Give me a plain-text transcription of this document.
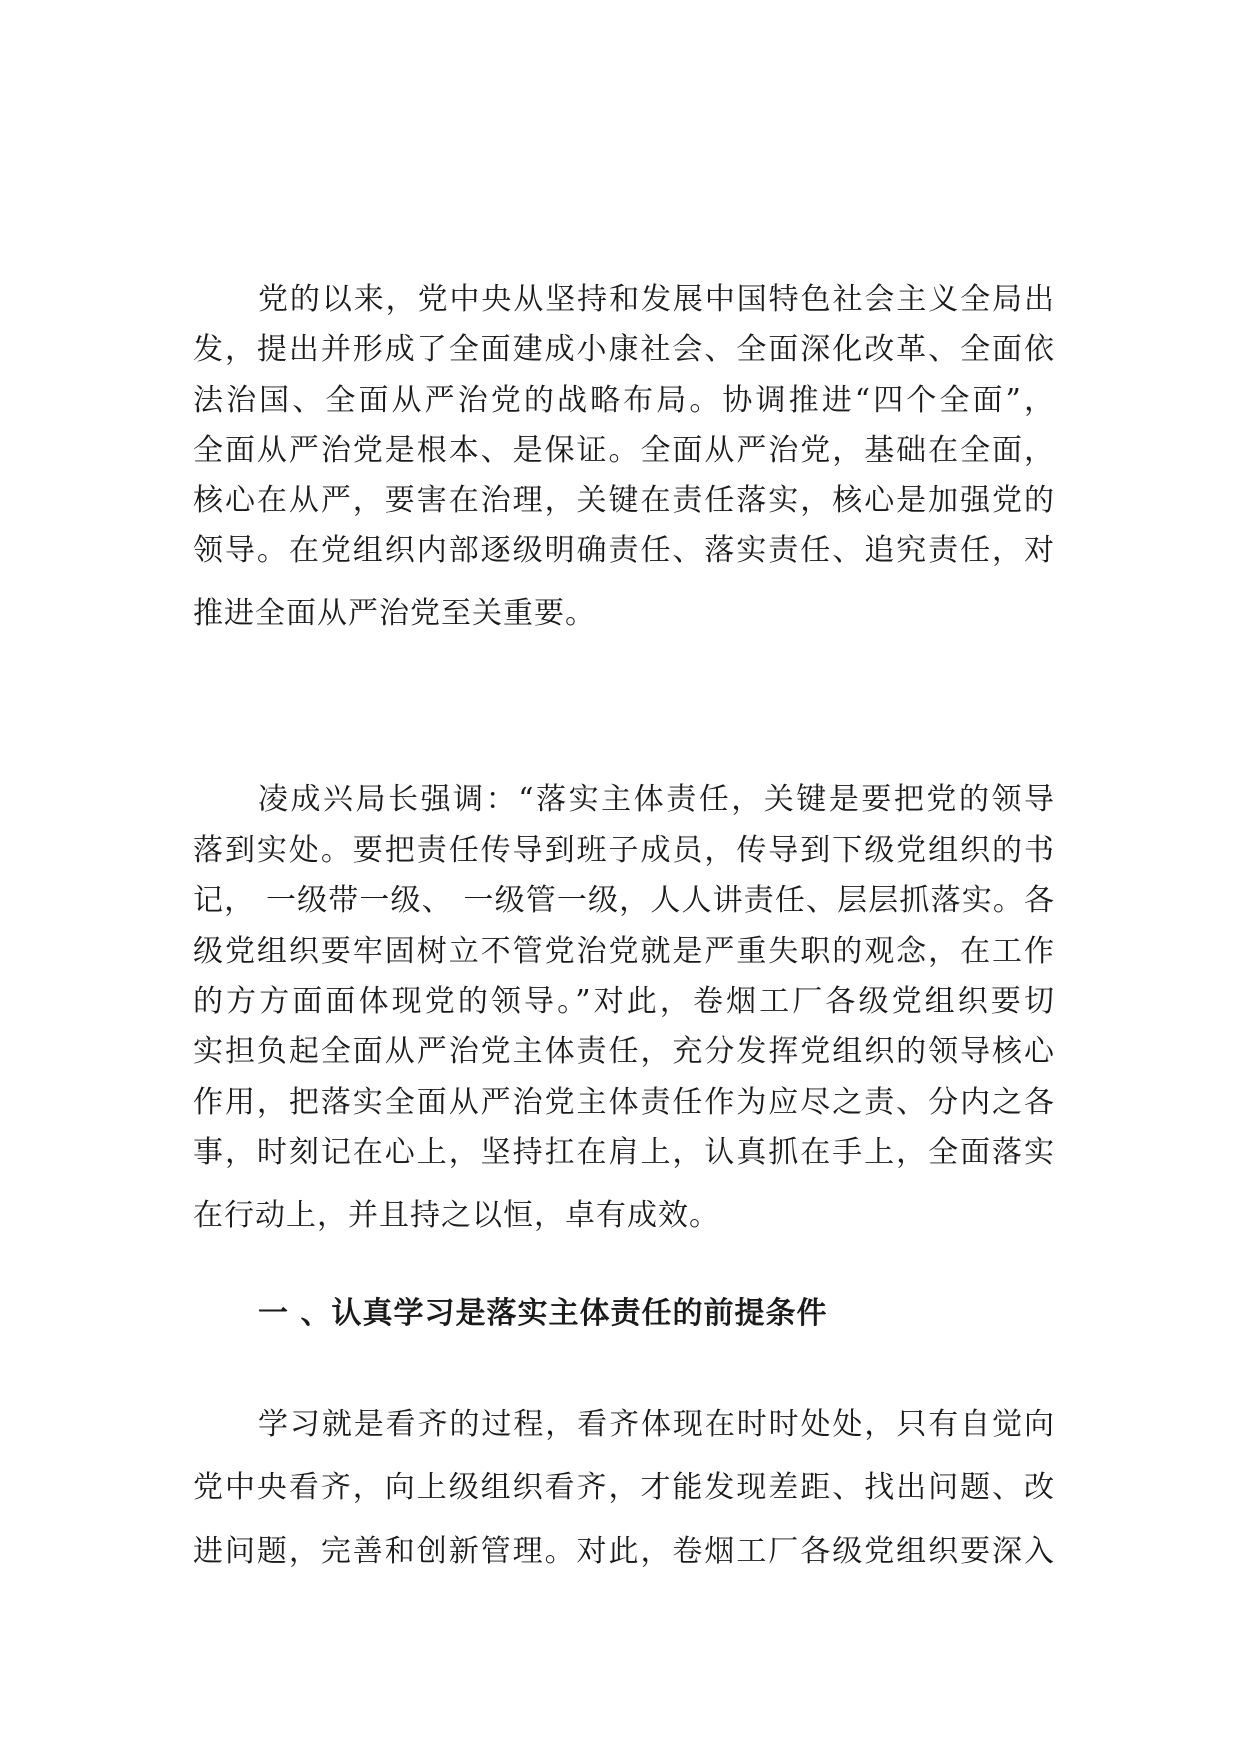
党的以来，党中央从坚持和发展中国特色社会主义全局出
发，提出并形成了全面建成小康社会、全面深化改革、全面依
法治国、全面从严治党的战略布局。协调推进“四个全面”，
全面从严治党是根本、是保证。全面从严治党，基础在全面，
核心在从严，要害在治理，关键在责任落实，核心是加强党的
领导。在党组织内部逐级明确责任、落实责任、追究责任，对
推进全面从严治党至关重要。
凌成兴局长强调：“落实主体责任，关键是要把党的领导
落到实处。要把责任传导到班子成员，传导到下级党组织的书
记， 一级带一级、 一级管一级，人人讲责任、层层抓落实。各
级党组织要牢固树立不管党治党就是严重失职的观念，在工作
的方方面面体现党的领导。”对此，卷烟工厂各级党组织要切
实担负起全面从严治党主体责任，充分发挥党组织的领导核心
作用，把落实全面从严治党主体责任作为应尽之责、分内之各
事，时刻记在心上，坚持扛在肩上，认真抓在手上，全面落实
在行动上，并且持之以恒，卓有成效。
一 、认真学习是落实主体责任的前提条件
学习就是看齐的过程，看齐体现在时时处处，只有自觉向
党中央看齐，向上级组织看齐，才能发现差距、找出问题、改
进问题，完善和创新管理。对此，卷烟工厂各级党组织要深入
